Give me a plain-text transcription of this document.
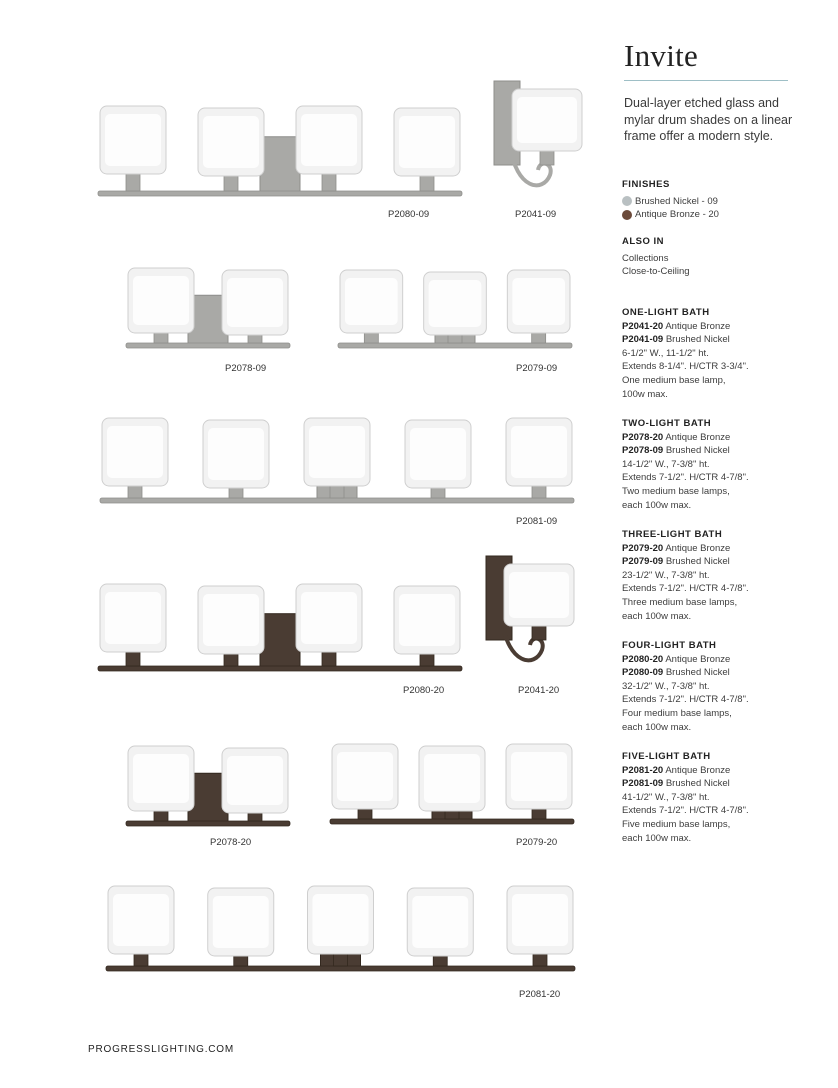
Invite

Dual-layer etched glass and mylar drum shades on a linear frame offer a modern style.

FINISHES
Brushed Nickel - 09
Antique Bronze - 20
ALSO IN
Collections
Close-to-Ceiling
ONE-LIGHT BATH
P2041-20 Antique Bronze
P2041-09 Brushed Nickel
6-1/2" W., 11-1/2" ht.
Extends 8-1/4". H/CTR 3-3/4".
One medium base lamp,
100w max.
TWO-LIGHT BATH
P2078-20 Antique Bronze
P2078-09 Brushed Nickel
14-1/2" W., 7-3/8" ht.
Extends 7-1/2". H/CTR 4-7/8".
Two medium base lamps,
each 100w max.
THREE-LIGHT BATH
P2079-20 Antique Bronze
P2079-09 Brushed Nickel
23-1/2" W., 7-3/8" ht.
Extends 7-1/2". H/CTR 4-7/8".
Three medium base lamps,
each 100w max.
FOUR-LIGHT BATH
P2080-20 Antique Bronze
P2080-09 Brushed Nickel
32-1/2" W., 7-3/8" ht.
Extends 7-1/2". H/CTR 4-7/8".
Four medium base lamps,
each 100w max.
FIVE-LIGHT BATH
P2081-20 Antique Bronze
P2081-09 Brushed Nickel
41-1/2" W., 7-3/8" ht.
Extends 7-1/2". H/CTR 4-7/8".
Five medium base lamps,
each 100w max.
P2080-09	P2041-09
P2078-09	P2079-09
P2081-09
P2080-20	P2041-20
P2078-20	P2079-20
P2081-20
PROGRESSLIGHTING.COM
